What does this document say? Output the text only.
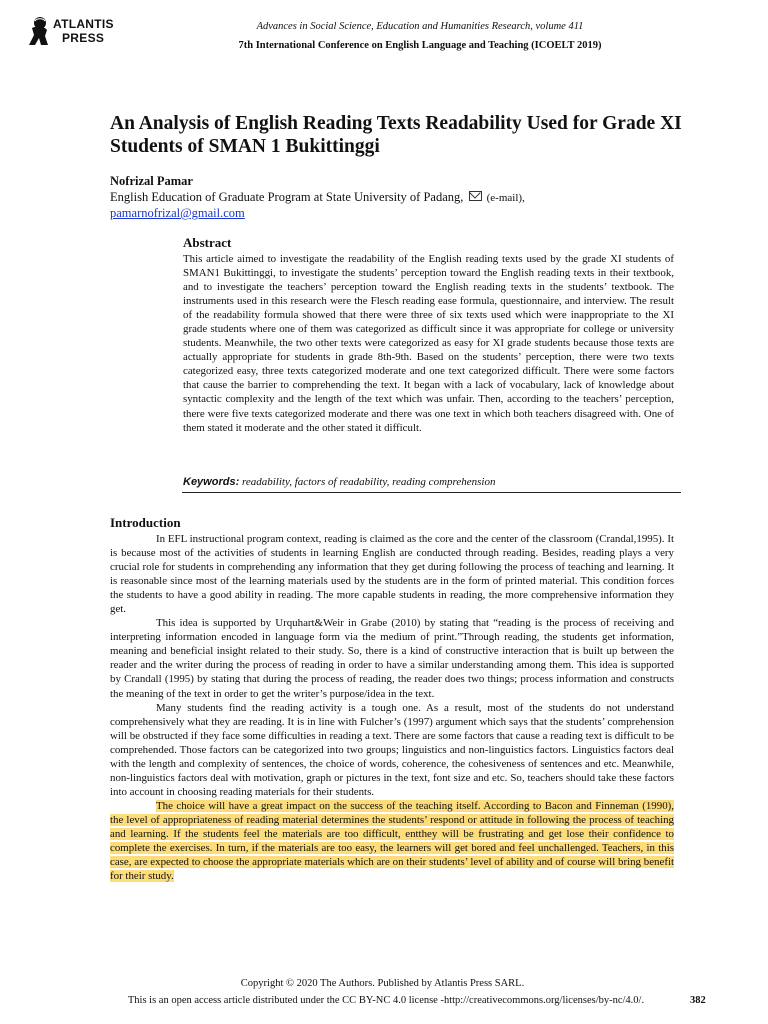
ATLANTIS
PRESS
Advances in Social Science, Education and Humanities Research, volume 411
7th International Conference on English Language and Teaching (ICOELT 2019)
An Analysis of English Reading Texts Readability Used for Grade XI Students of SMAN 1 Bukittinggi
Nofrizal Pamar
English Education of Graduate Program at State University of Padang, (e-mail),
pamarnofrizal@gmail.com
Abstract
This article aimed to investigate the readability of the English reading texts used by the grade XI students of SMAN1 Bukittinggi, to investigate the students’ perception toward the English reading texts in their textbook, and to investigate the teachers’ perception toward the English reading texts in the students’ textbook. The instruments used in this research were the Flesch reading ease formula, questionnaire, and interview. The result of the readability formula showed that there were three of six texts used which were inappropriate to the XI grade students where one of them was categorized as difficult since it was appropriate for college or university students. Meanwhile, the two other texts were categorized as easy for XI grade students because those texts are actually appropriate for students in grade 8th-9th. Based on the students’ perception, there were two texts categorized easy, three texts categorized moderate and one text categorized difficult. There were some factors that cause the barrier to comprehending the text. It began with a lack of vocabulary, lack of knowledge about syntactic complexity and the length of the text which was unfair. Then, according to the teachers’ perception, there were five texts categorized moderate and there was one text in which both teachers disagreed with. One of them stated it moderate and the other stated it difficult.
Keywords: readability, factors of readability, reading comprehension
Introduction

In EFL instructional program context, reading is claimed as the core and the center of the classroom (Crandal,1995). It is because most of the activities of students in learning English are conducted through reading. Besides, reading plays a very crucial role for students in comprehending any information that they get during following the process of teaching and learning. It is reasonable since most of the learning materials used by the students are in the form of printed material. This condition forces the students to have a good ability in reading. The more capable students in reading, the more comprehensive information they get.

This idea is supported by Urquhart&Weir in Grabe (2010) by stating that “reading is the process of receiving and interpreting information encoded in language form via the medium of print.”Through reading, the students get information, meaning and beneficial insight related to their study. So, there is a kind of constructive interaction that is built up between the reader and the writer during the process of reading in order to have a similar understanding among them. This idea is supported by Crandall (1995) by stating that during the process of reading, the reader does two things; process information and constructs the meaning of the text in order to get the writer’s purpose/idea in the text.

Many students find the reading activity is a tough one. As a result, most of the students do not understand comprehensively what they are reading. It is in line with Fulcher’s (1997) argument which says that the students’ comprehension will be obstructed if they face some difficulties in reading a text. There are some factors that cause a reading text is difficult to be comprehended. Those factors can be categorized into two groups; linguistics and non-linguistics factors. Linguistics factors deal with the length and complexity of sentences, the choice of words, coherence, the cohesiveness of sentences and etc. Meanwhile, non-linguistics factors deal with motivation, graph or pictures in the text, font size and etc. So, teachers should take these factors into account in choosing reading materials for their students.

The choice will have a great impact on the success of the teaching itself. According to Bacon and Finneman (1990), the level of appropriateness of reading material determines the students’ respond or attitude in following the process of teaching and learning. If the students feel the materials are too difficult, entthey will be frustrating and get lose their confidence to complete the exercises. In turn, if the materials are too easy, the learners will get bored and feel unchallenged. Teachers, in this case, are expected to choose the appropriate materials which are on their students’ level of ability and of course will bring benefit for their study.

Copyright © 2020 The Authors. Published by Atlantis Press SARL.
This is an open access article distributed under the CC BY-NC 4.0 license -http://creativecommons.org/licenses/by-nc/4.0/.	382
